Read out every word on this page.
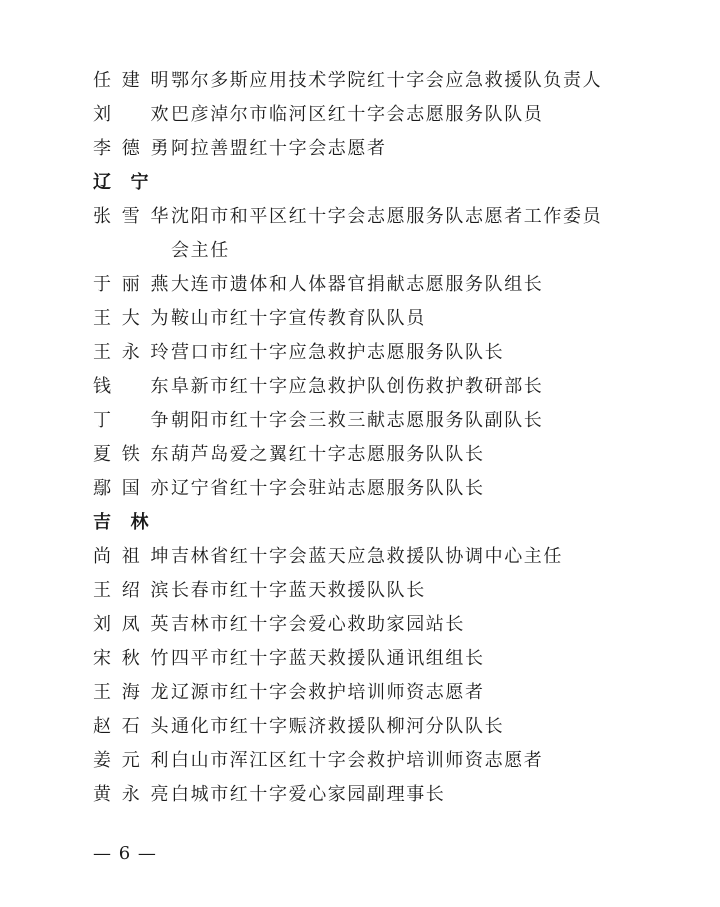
任建明 鄂尔多斯应用技术学院红十字会应急救援队负责人
刘　欢 巴彦淖尔市临河区红十字会志愿服务队队员
李德勇 阿拉善盟红十字会志愿者
辽　宁
张雪华 沈阳市和平区红十字会志愿服务队志愿者工作委员
会主任
于丽燕 大连市遗体和人体器官捐献志愿服务队组长
王大为 鞍山市红十字宣传教育队队员
王永玲 营口市红十字应急救护志愿服务队队长
钱　东 阜新市红十字应急救护队创伤救护教研部长
丁　争 朝阳市红十字会三救三献志愿服务队副队长
夏铁东 葫芦岛爱之翼红十字志愿服务队队长
鄢国亦 辽宁省红十字会驻站志愿服务队队长
吉　林
尚祖坤 吉林省红十字会蓝天应急救援队协调中心主任
王绍滨 长春市红十字蓝天救援队队长
刘凤英 吉林市红十字会爱心救助家园站长
宋秋竹 四平市红十字蓝天救援队通讯组组长
王海龙 辽源市红十字会救护培训师资志愿者
赵石头 通化市红十字赈济救援队柳河分队队长
姜元利 白山市浑江区红十字会救护培训师资志愿者
黄永亮 白城市红十字爱心家园副理事长
— 6 —
